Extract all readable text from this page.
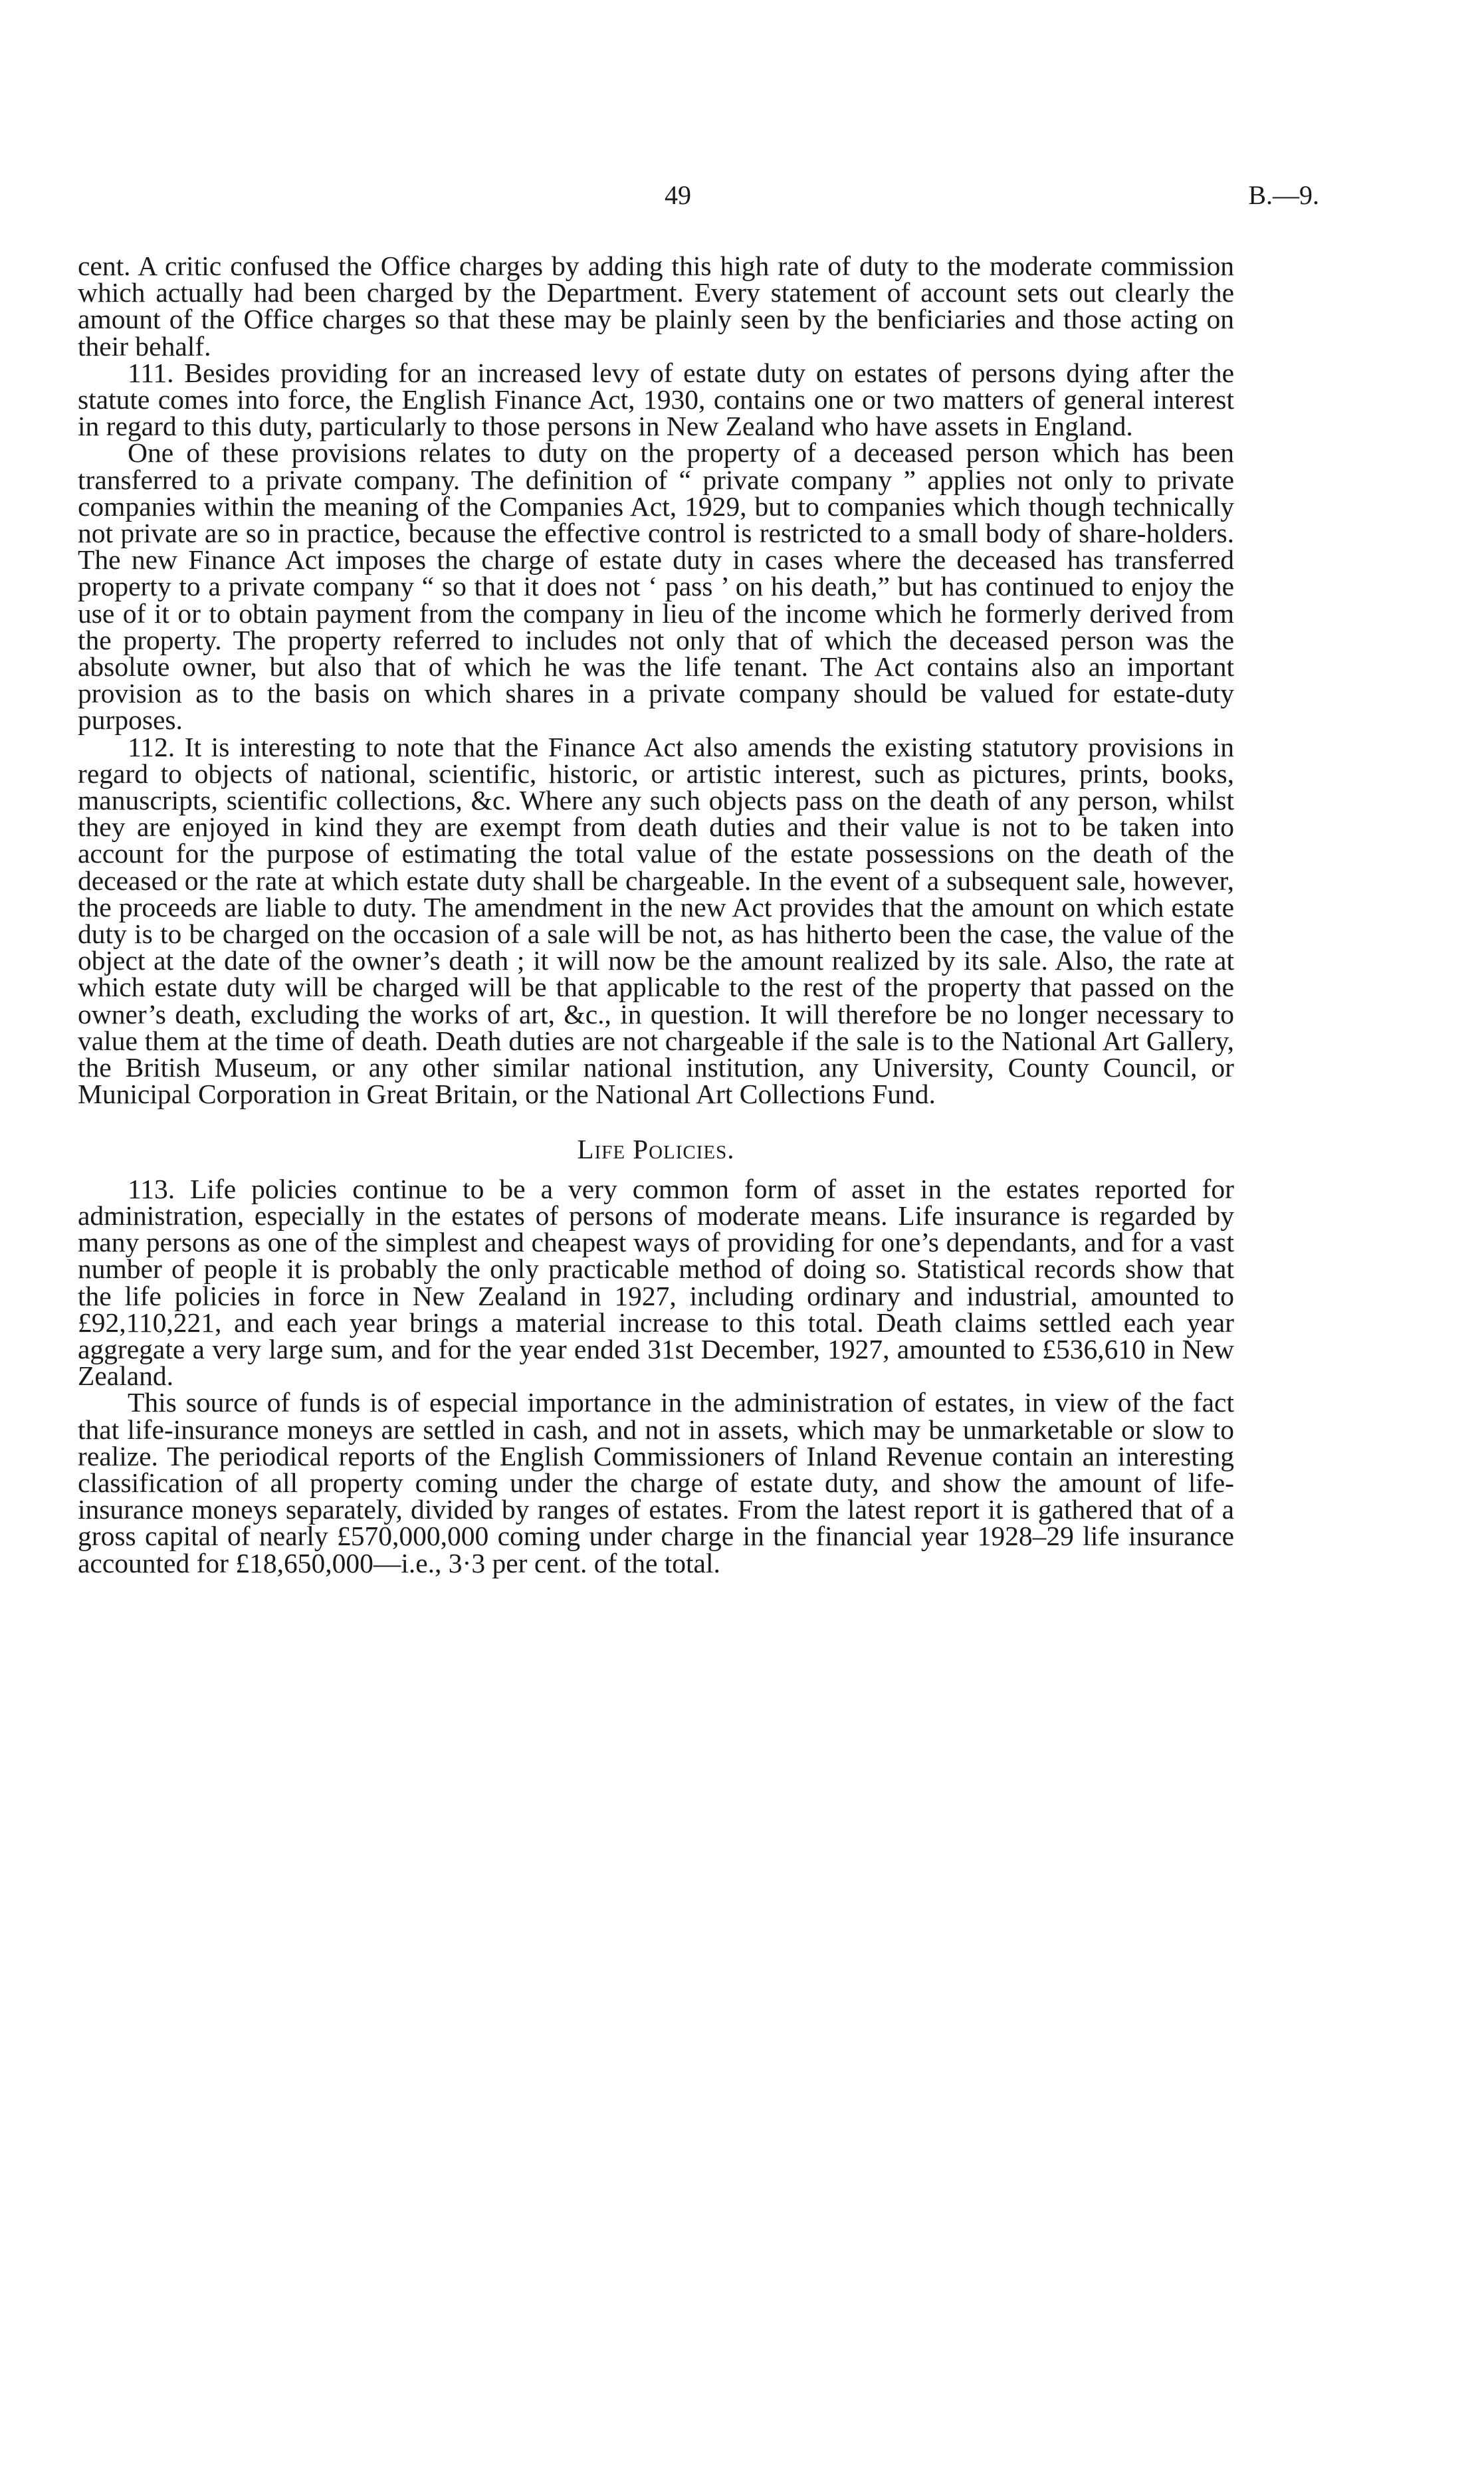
49	B.—9.

cent. A critic confused the Office charges by adding this high rate of duty to the moderate commission which actually had been charged by the Department. Every statement of account sets out clearly the amount of the Office charges so that these may be plainly seen by the benficiaries and those acting on their behalf.

111. Besides providing for an increased levy of estate duty on estates of persons dying after the statute comes into force, the English Finance Act, 1930, contains one or two matters of general interest in regard to this duty, particularly to those persons in New Zealand who have assets in England.

One of these provisions relates to duty on the property of a deceased person which has been transferred to a private company. The definition of “ private company ” applies not only to private companies within the meaning of the Companies Act, 1929, but to companies which though technically not private are so in practice, because the effective control is restricted to a small body of share-holders. The new Finance Act imposes the charge of estate duty in cases where the deceased has transferred property to a private company “ so that it does not ‘ pass ’ on his death,” but has continued to enjoy the use of it or to obtain payment from the company in lieu of the income which he formerly derived from the property. The property referred to includes not only that of which the deceased person was the absolute owner, but also that of which he was the life tenant. The Act contains also an important provision as to the basis on which shares in a private company should be valued for estate-duty purposes.

112. It is interesting to note that the Finance Act also amends the existing statutory provisions in regard to objects of national, scientific, historic, or artistic interest, such as pictures, prints, books, manuscripts, scientific collections, &c. Where any such objects pass on the death of any person, whilst they are enjoyed in kind they are exempt from death duties and their value is not to be taken into account for the purpose of estimating the total value of the estate possessions on the death of the deceased or the rate at which estate duty shall be chargeable. In the event of a subsequent sale, however, the proceeds are liable to duty. The amendment in the new Act provides that the amount on which estate duty is to be charged on the occasion of a sale will be not, as has hitherto been the case, the value of the object at the date of the owner’s death ; it will now be the amount realized by its sale. Also, the rate at which estate duty will be charged will be that applicable to the rest of the property that passed on the owner’s death, excluding the works of art, &c., in question. It will therefore be no longer necessary to value them at the time of death. Death duties are not chargeable if the sale is to the National Art Gallery, the British Museum, or any other similar national institution, any University, County Council, or Municipal Corporation in Great Britain, or the National Art Collections Fund.

Life Policies.

113. Life policies continue to be a very common form of asset in the estates reported for administration, especially in the estates of persons of moderate means. Life insurance is regarded by many persons as one of the simplest and cheapest ways of providing for one’s dependants, and for a vast number of people it is probably the only practicable method of doing so. Statistical records show that the life policies in force in New Zealand in 1927, including ordinary and industrial, amounted to £92,110,221, and each year brings a material increase to this total. Death claims settled each year aggregate a very large sum, and for the year ended 31st December, 1927, amounted to £536,610 in New Zealand.

This source of funds is of especial importance in the administration of estates, in view of the fact that life-insurance moneys are settled in cash, and not in assets, which may be unmarketable or slow to realize. The periodical reports of the English Commissioners of Inland Revenue contain an interesting classification of all property coming under the charge of estate duty, and show the amount of life-insurance moneys separately, divided by ranges of estates. From the latest report it is gathered that of a gross capital of nearly £570,000,000 coming under charge in the financial year 1928–29 life insurance accounted for £18,650,000—i.e., 3·3 per cent. of the total.
